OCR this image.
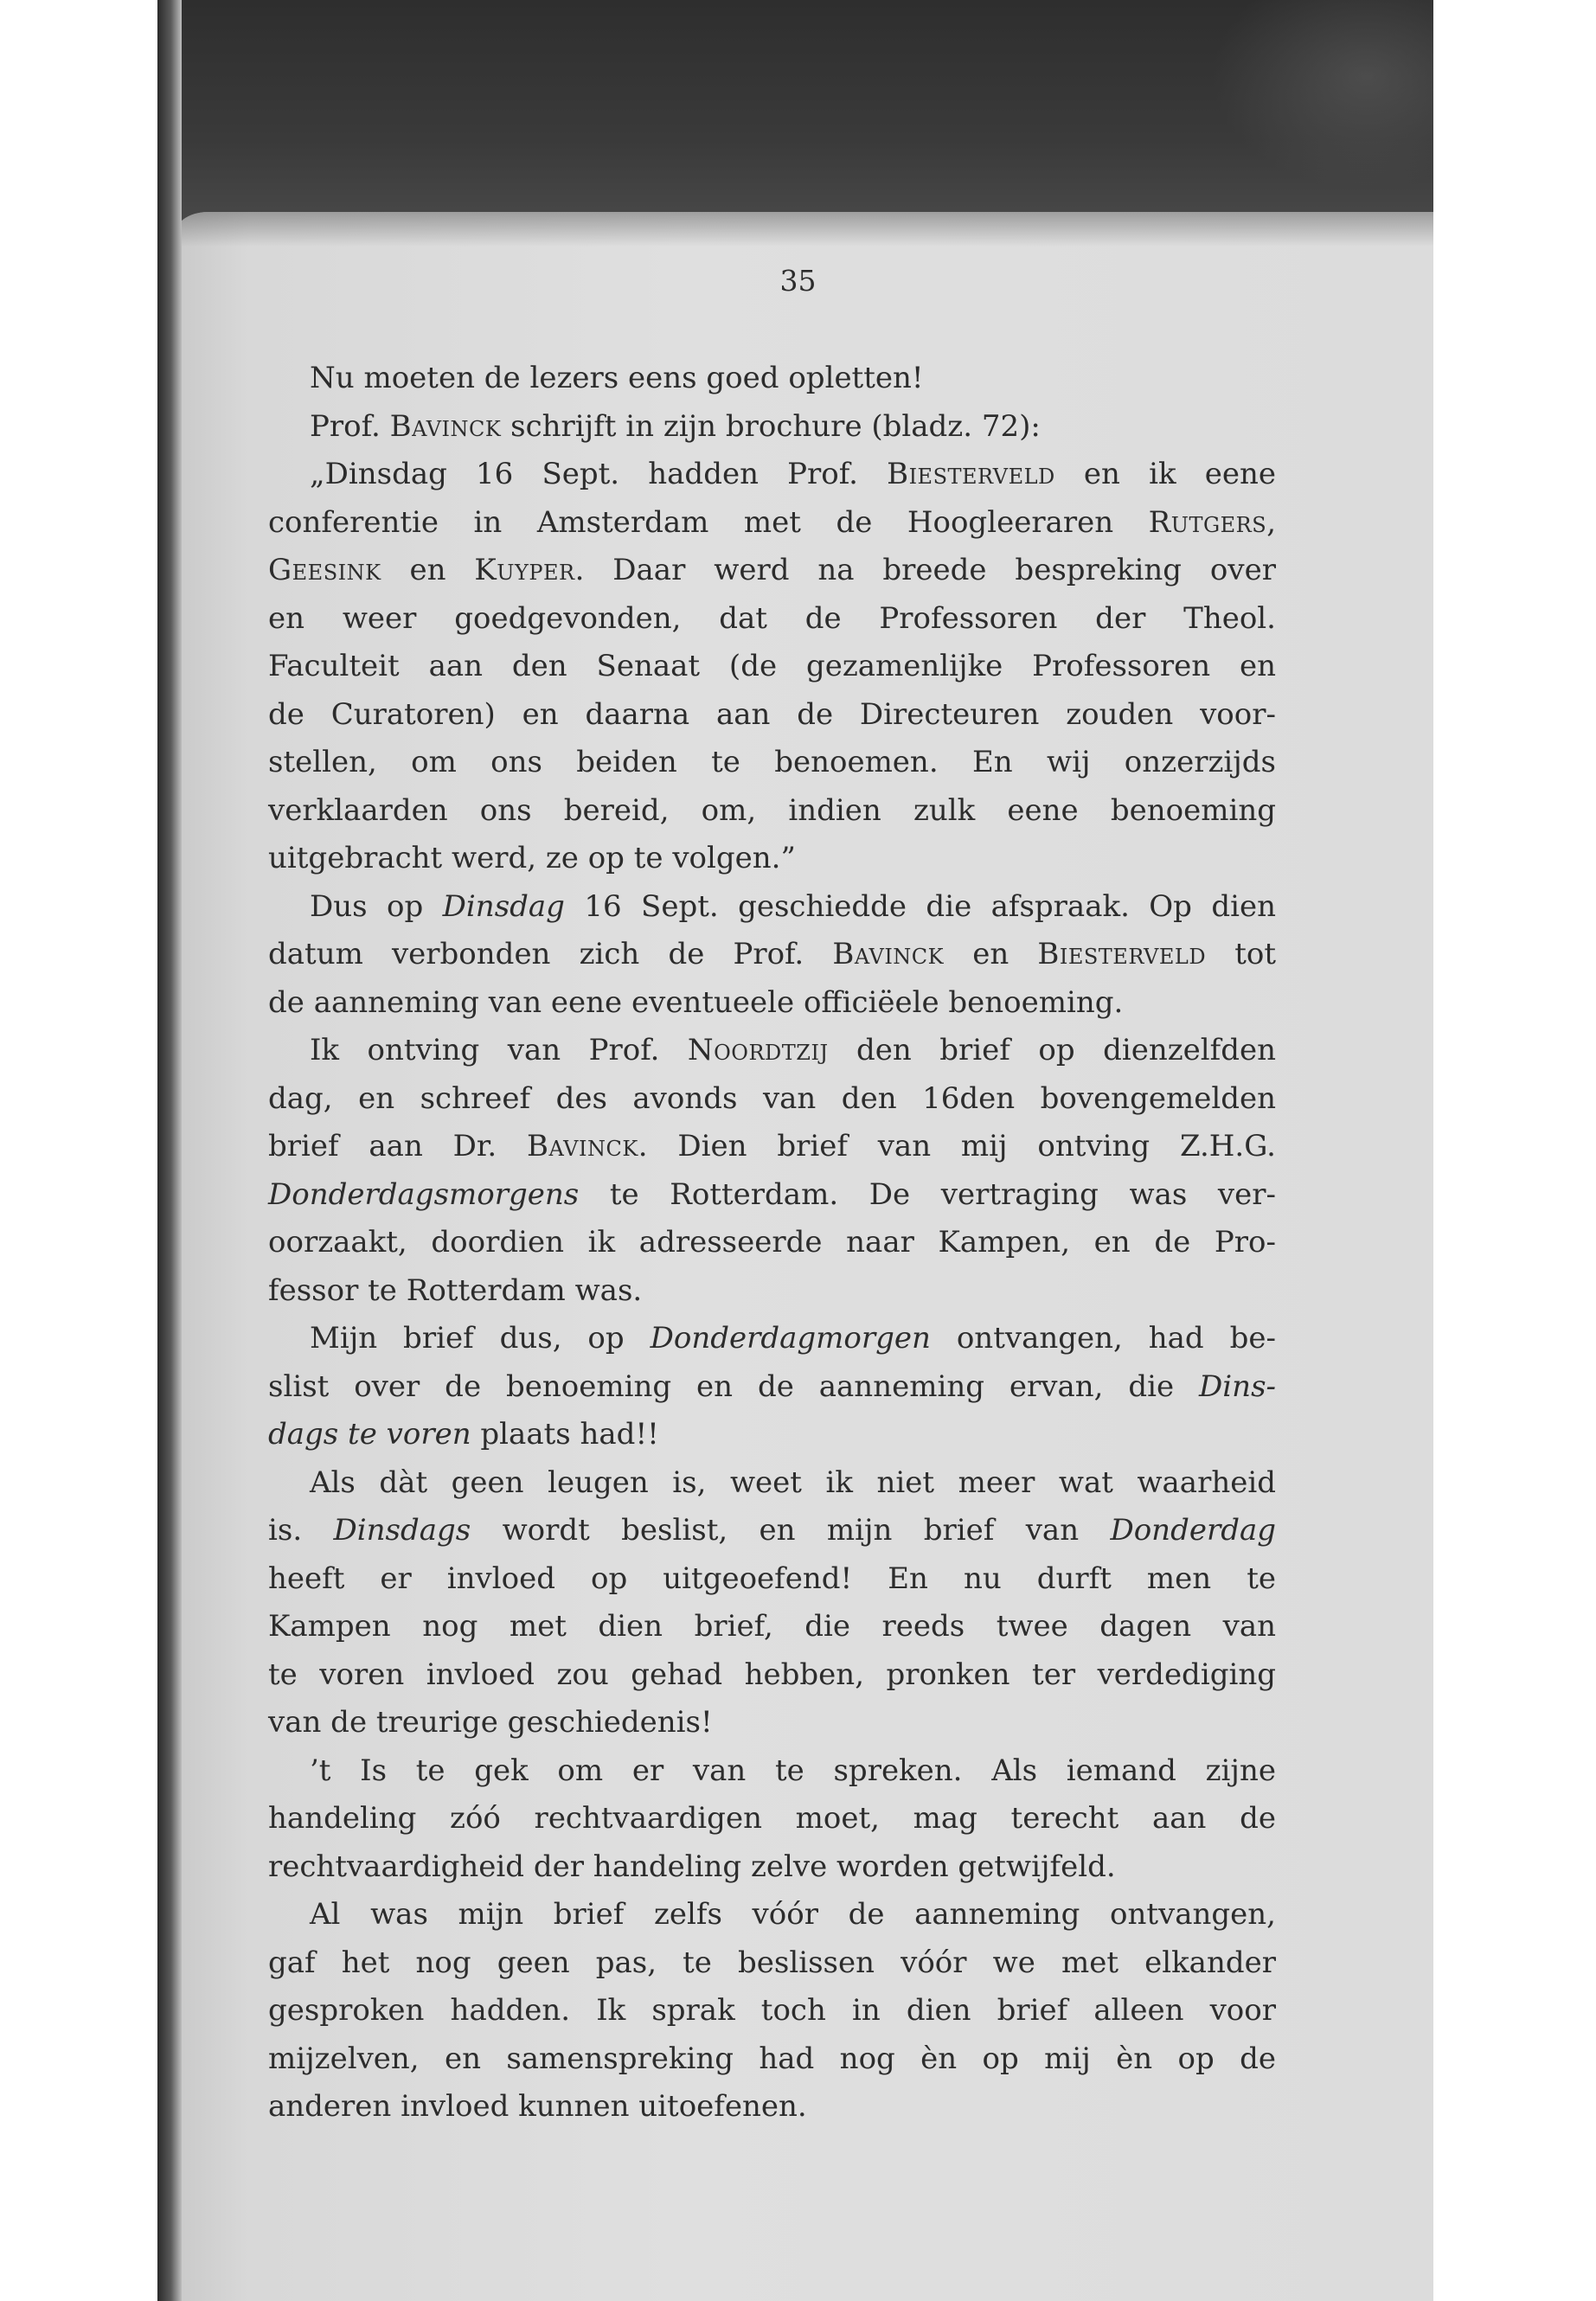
35
Nu moeten de lezers eens goed opletten!
Prof. Bavinck schrijft in zijn brochure (bladz. 72):
„Dinsdag 16 Sept. hadden Prof. Biesterveld en ik eene
conferentie in Amsterdam met de Hoogleeraren Rutgers,
Geesink en Kuyper. Daar werd na breede bespreking over
en weer goedgevonden, dat de Professoren der Theol.
Faculteit aan den Senaat (de gezamenlijke Professoren en
de Curatoren) en daarna aan de Directeuren zouden voor-
stellen, om ons beiden te benoemen. En wij onzerzijds
verklaarden ons bereid, om, indien zulk eene benoeming
uitgebracht werd, ze op te volgen.”
Dus op Dinsdag 16 Sept. geschiedde die afspraak. Op dien
datum verbonden zich de Prof. Bavinck en Biesterveld tot
de aanneming van eene eventueele officiëele benoeming.
Ik ontving van Prof. Noordtzij den brief op dienzelfden
dag, en schreef des avonds van den 16den bovengemelden
brief aan Dr. Bavinck. Dien brief van mij ontving Z.H.G.
Donderdagsmorgens te Rotterdam. De vertraging was ver-
oorzaakt, doordien ik adresseerde naar Kampen, en de Pro-
fessor te Rotterdam was.
Mijn brief dus, op Donderdagmorgen ontvangen, had be-
slist over de benoeming en de aanneming ervan, die Dins-
dags te voren plaats had!!
Als dàt geen leugen is, weet ik niet meer wat waarheid
is. Dinsdags wordt beslist, en mijn brief van Donderdag
heeft er invloed op uitgeoefend! En nu durft men te
Kampen nog met dien brief, die reeds twee dagen van
te voren invloed zou gehad hebben, pronken ter verdediging
van de treurige geschiedenis!
’t Is te gek om er van te spreken. Als iemand zijne
handeling zóó rechtvaardigen moet, mag terecht aan de
rechtvaardigheid der handeling zelve worden getwijfeld.
Al was mijn brief zelfs vóór de aanneming ontvangen,
gaf het nog geen pas, te beslissen vóór we met elkander
gesproken hadden. Ik sprak toch in dien brief alleen voor
mijzelven, en samenspreking had nog èn op mij èn op de
anderen invloed kunnen uitoefenen.
